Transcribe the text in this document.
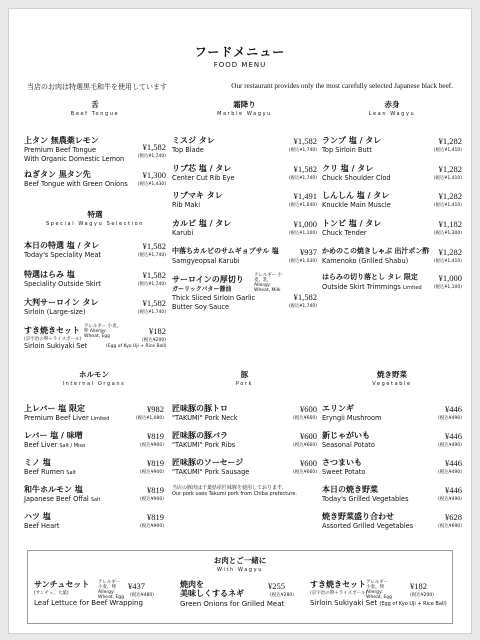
フードメニュー
FOOD MENU
当店のお肉は特選黒毛和牛を使用しています	Our restaurant provides only the most carefully selected Japanese black beef.
舌
Beef Tongue
上タン 無農薬レモン
Premium Beef Tongue
With Organic Domestic Lemon
¥1,582
(税込¥1,740)
ねぎタン 黒タン先
Beef Tongue with Green Onions
¥1,300
(税込¥1,430)
特選
Special Wagyu Selection
本日の特選 塩 / タレ
Today's Speciality Meat
¥1,582
(税込¥1,740)
特選はらみ 塩
Speciality Outside Skirt
¥1,582
(税込¥1,740)
大判サーロイン タレ
Sirloin (Large-size)
¥1,582
(税込¥1,740)
すき焼きセット アレルギー 小麦、卵 Allergy: Wheat, Egg
(京宇治の卵＋ライスボール)
Sirloin Sukiyaki Set	(Egg of Kyo Uji + Rice Ball)
¥182
(税込¥200)
霜降り
Marble Wagyu
ミスジ タレ
Top Blade
¥1,582
(税込¥1,740)
リブ芯 塩 / タレ
Center Cut Rib Eye
¥1,582
(税込¥1,740)
リブマキ タレ
Rib Maki
¥1,491
(税込¥1,640)
カルビ 塩 / タレ
Karubi
¥1,000
(税込¥1,100)
中落ちカルビのサムギョプサル 塩
Samgyeopsal Karubi
¥937
(税込¥1,030)
サーロインの厚切り アレルギー 小麦、乳 Allergy: Wheat, Milk
ガーリックバター醤油
Thick Sliced Sirloin Garlic
Butter Soy Sauce
¥1,582
(税込¥1,740)
赤身
Lean Wagyu
ランプ 塩 / タレ
Top Sirloin Butt
¥1,282
(税込¥1,410)
クリ 塩 / タレ
Chuck Shoulder Clod
¥1,282
(税込¥1,410)
しんしん 塩 / タレ
Knuckle Main Muscle
¥1,282
(税込¥1,410)
トンビ 塩 / タレ
Chuck Tender
¥1,182
(税込¥1,300)
かめのこの焼きしゃぶ 出汁ポン酢
Kamenoko (Grilled Shabu)
¥1,282
(税込¥1,410)
はらみの切り落とし タレ 限定
Outside Skirt Trimmings Limited
¥1,000
(税込¥1,100)
ホルモン
Internal Organs
上レバー 塩 限定
Premium Beef Liver Limited
¥982
(税込¥1,080)
レバー 塩 / 味噌
Beef Liver Salt / Miso
¥819
(税込¥900)
ミノ 塩
Beef Rumen Salt
¥819
(税込¥900)
和牛ホルモン 塩
Japanese Beef Offal Salt
¥819
(税込¥900)
ハツ 塩
Beef Heart
¥819
(税込¥900)
豚
Pork
匠味豚の豚トロ
"TAKUMI" Pork Neck
¥600
(税込¥660)
匠味豚の豚バラ
"TAKUMI" Pork Ribs
¥600
(税込¥660)
匠味豚のソーセージ
"TAKUMI" Pork Sausage
¥600
(税込¥660)
当店の豚肉は千葉県産匠味豚を使用しております。
Our pork uses Takumi pork from Chiba prefecture.
焼き野菜
Vegetable
エリンギ
Eryngii Mushroom
¥446
(税込¥490)
新じゃがいも
Seasonal Potato
¥446
(税込¥490)
さつまいも
Sweet Potato
¥446
(税込¥490)
本日の焼き野菜
Today's Grilled Vegetables
¥446
(税込¥490)
焼き野菜盛り合わせ
Assorted Grilled Vegetables
¥628
(税込¥690)
お肉とご一緒に
With Wagyu
サンチュセット	アレルギー 小麦、卵 Allergy: Wheat, Egg
(サンチュ、大葉)
Leaf Lettuce for Beef Wrapping
¥437
(税込¥480)
焼肉を
美味しくするネギ
Green Onions for Grilled Meat
¥255
(税込¥280)
すき焼きセット アレルギー 小麦、卵 Allergy: Wheat, Egg
(京宇治の卵＋ライスボール)
Sirloin Sukiyaki Set (Egg of Kyo Uji + Rice Ball)
¥182
(税込¥200)
